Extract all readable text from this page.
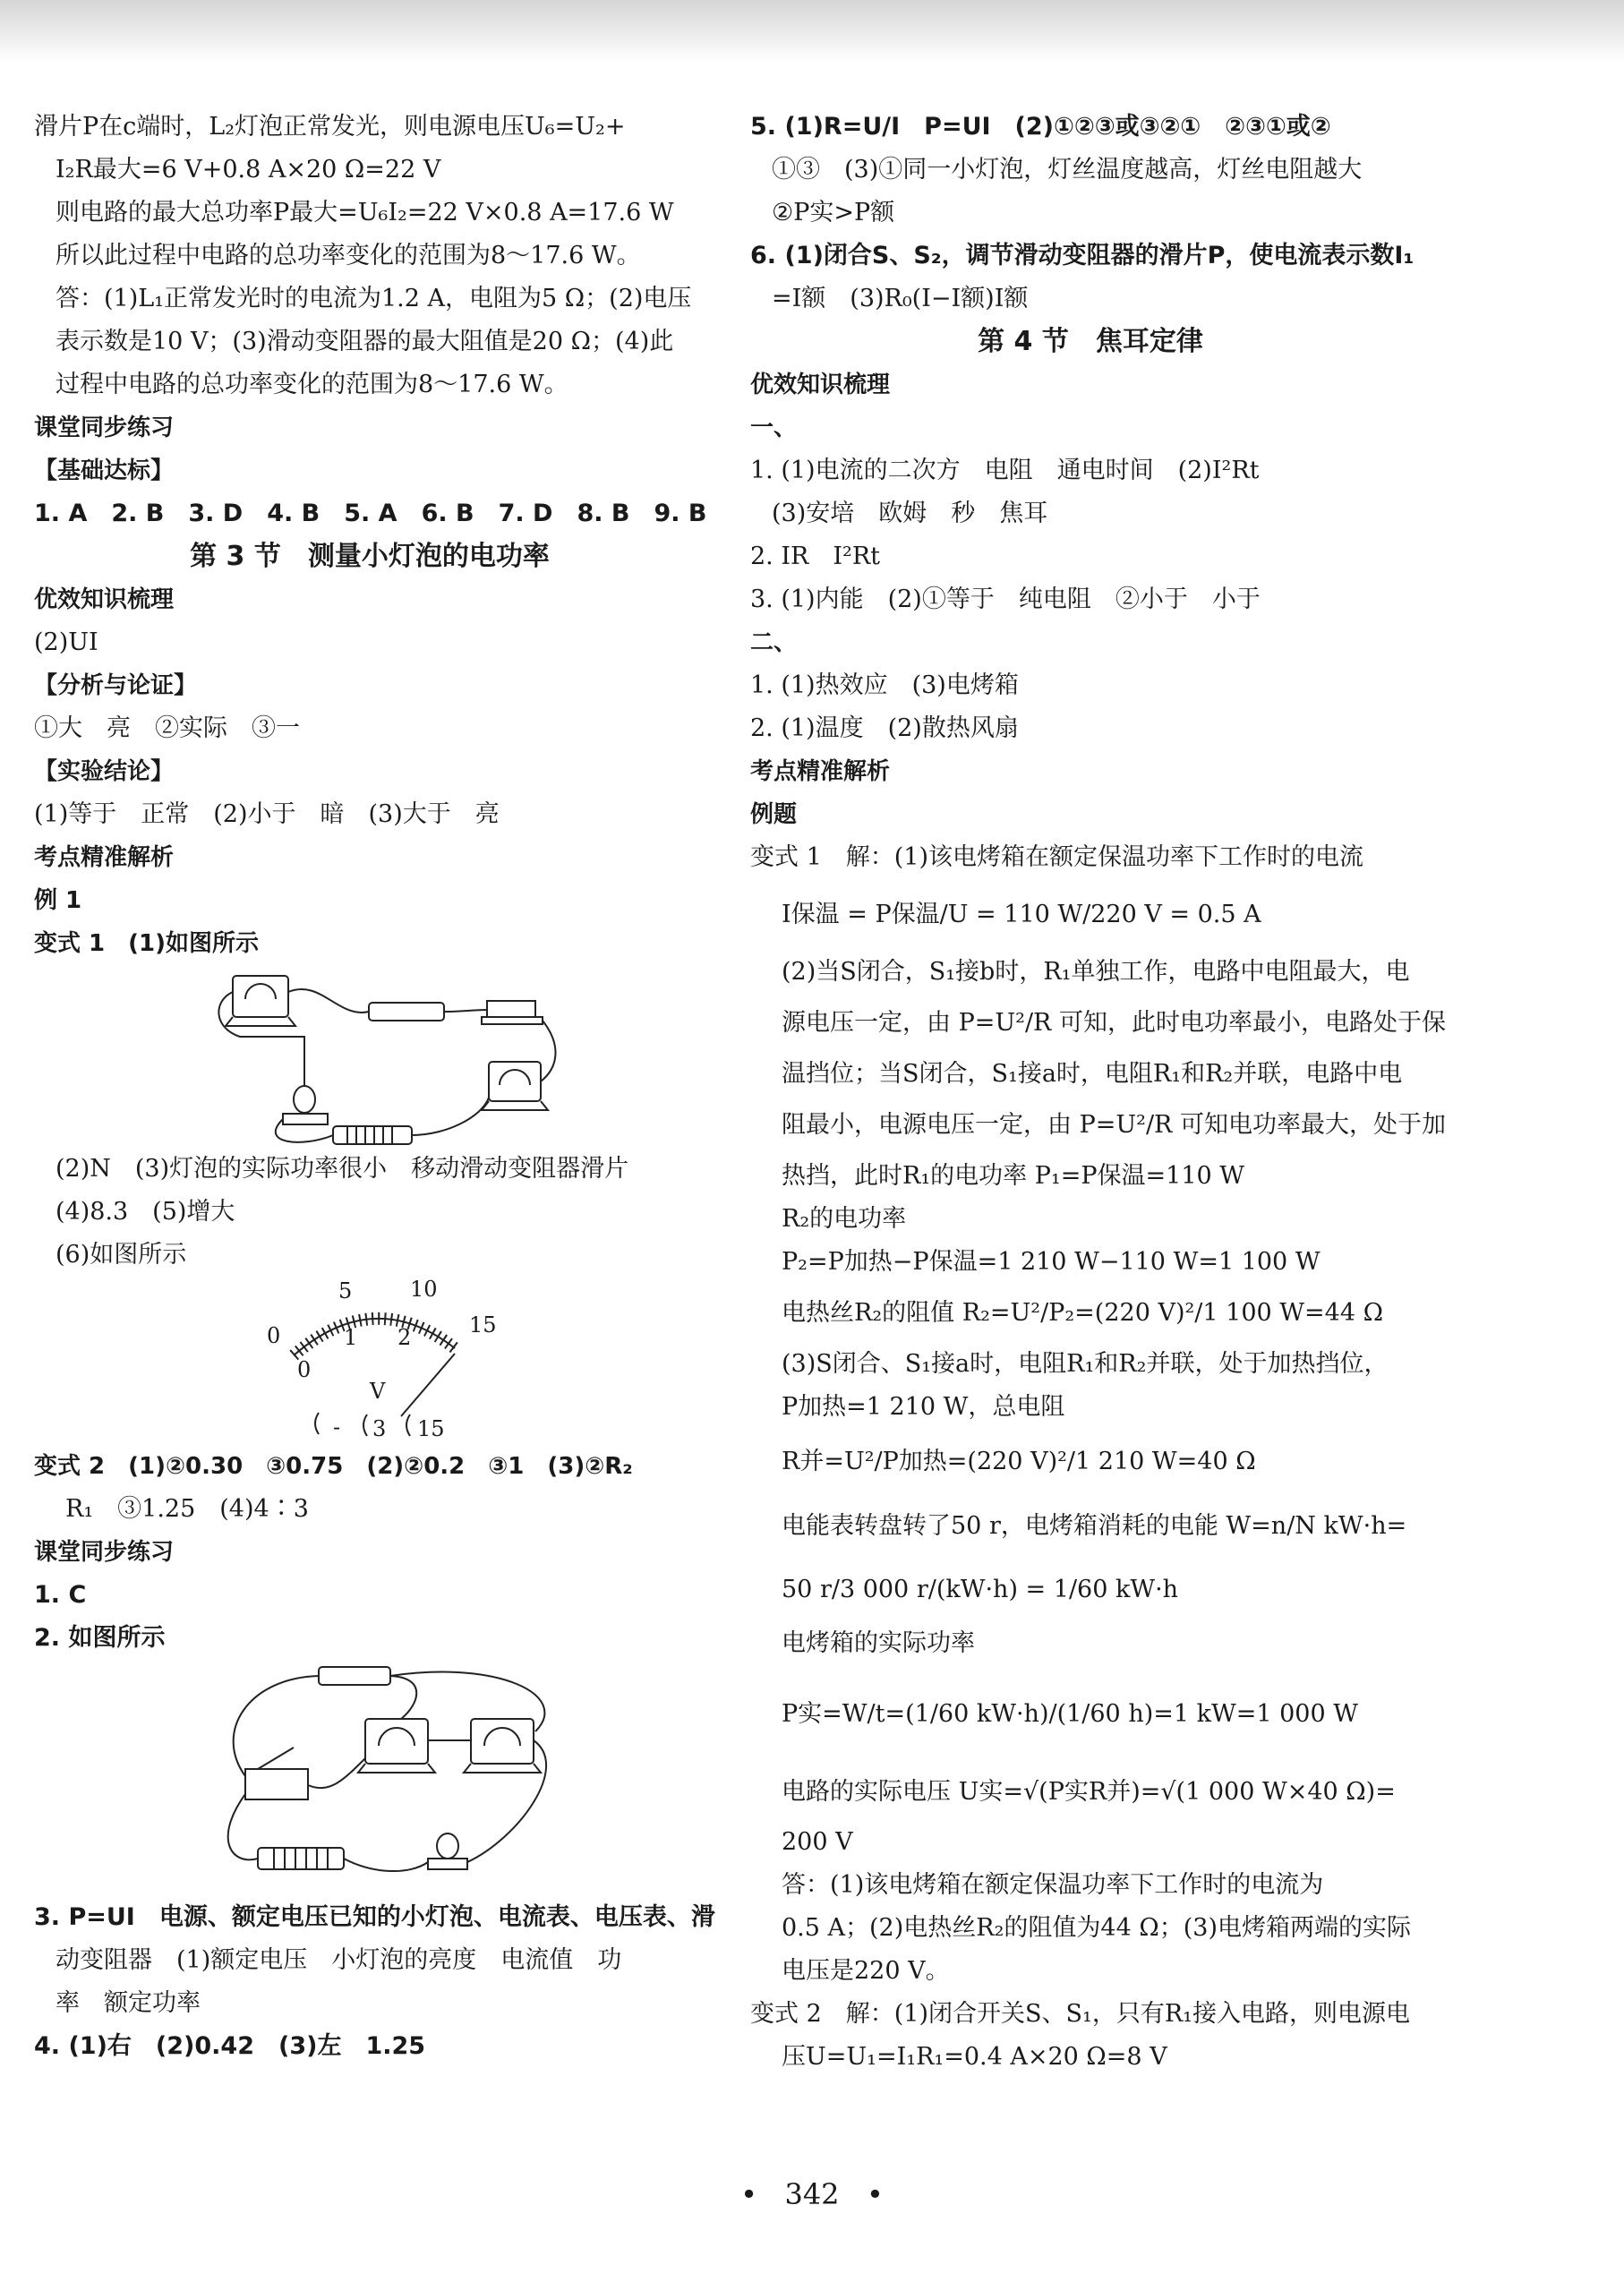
滑片P在c端时，L₂灯泡正常发光，则电源电压U₆=U₂+
I₂R最大=6 V+0.8 A×20 Ω=22 V
则电路的最大总功率P最大=U₆I₂=22 V×0.8 A=17.6 W
所以此过程中电路的总功率变化的范围为8～17.6 W。
答：(1)L₁正常发光时的电流为1.2 A，电阻为5 Ω；(2)电压
表示数是10 V；(3)滑动变阻器的最大阻值是20 Ω；(4)此
过程中电路的总功率变化的范围为8～17.6 W。
课堂同步练习
【基础达标】
1. A　2. B　3. D　4. B　5. A　6. B　7. D　8. B　9. B
第 3 节　测量小灯泡的电功率
优效知识梳理
(2)UI
【分析与论证】
①大　亮　②实际　③一
【实验结论】
(1)等于　正常　(2)小于　暗　(3)大于　亮
考点精准解析
例 1
变式 1　(1)如图所示
(2)N　(3)灯泡的实际功率很小　移动滑动变阻器滑片
(4)8.3　(5)增大
(6)如图所示
5	10
0	1 2	15
0
V
- 3 15
变式 2　(1)②0.30　③0.75　(2)②0.2　③1　(3)②R₂
R₁　③1.25　(4)4∶3
课堂同步练习
1. C
2. 如图所示
3. P=UI　电源、额定电压已知的小灯泡、电流表、电压表、滑
动变阻器　(1)额定电压　小灯泡的亮度　电流值　功
率　额定功率
4. (1)右　(2)0.42　(3)左　1.25
5. (1)R=U/I　P=UI　(2)①②③或③②①　②③①或②
①③　(3)①同一小灯泡，灯丝温度越高，灯丝电阻越大
②P实>P额
6. (1)闭合S、S₂，调节滑动变阻器的滑片P，使电流表示数I₁
=I额　(3)R₀(I−I额)I额
第 4 节　焦耳定律
优效知识梳理
一、
1. (1)电流的二次方　电阻　通电时间　(2)I²Rt
(3)安培　欧姆　秒　焦耳
2. IR　I²Rt
3. (1)内能　(2)①等于　纯电阻　②小于　小于
二、
1. (1)热效应　(3)电烤箱
2. (1)温度　(2)散热风扇
考点精准解析
例题
变式 1　解：(1)该电烤箱在额定保温功率下工作时的电流
I保温 = P保温/U = 110 W/220 V = 0.5 A
(2)当S闭合，S₁接b时，R₁单独工作，电路中电阻最大，电
源电压一定，由 P=U²/R 可知，此时电功率最小，电路处于保
温挡位；当S闭合，S₁接a时，电阻R₁和R₂并联，电路中电
阻最小，电源电压一定，由 P=U²/R 可知电功率最大，处于加
热挡，此时R₁的电功率 P₁=P保温=110 W
R₂的电功率
P₂=P加热−P保温=1 210 W−110 W=1 100 W
电热丝R₂的阻值 R₂=U²/P₂=(220 V)²/1 100 W=44 Ω
(3)S闭合、S₁接a时，电阻R₁和R₂并联，处于加热挡位，
P加热=1 210 W，总电阻
R并=U²/P加热=(220 V)²/1 210 W=40 Ω
电能表转盘转了50 r，电烤箱消耗的电能 W=n/N kW·h=
50 r/3 000 r/(kW·h) = 1/60 kW·h
电烤箱的实际功率
P实=W/t=(1/60 kW·h)/(1/60 h)=1 kW=1 000 W
电路的实际电压 U实=√(P实R并)=√(1 000 W×40 Ω)=
200 V
答：(1)该电烤箱在额定保温功率下工作时的电流为
0.5 A；(2)电热丝R₂的阻值为44 Ω；(3)电烤箱两端的实际
电压是220 V。
变式 2　解：(1)闭合开关S、S₁，只有R₁接入电路，则电源电
压U=U₁=I₁R₁=0.4 A×20 Ω=8 V
•   342   •
